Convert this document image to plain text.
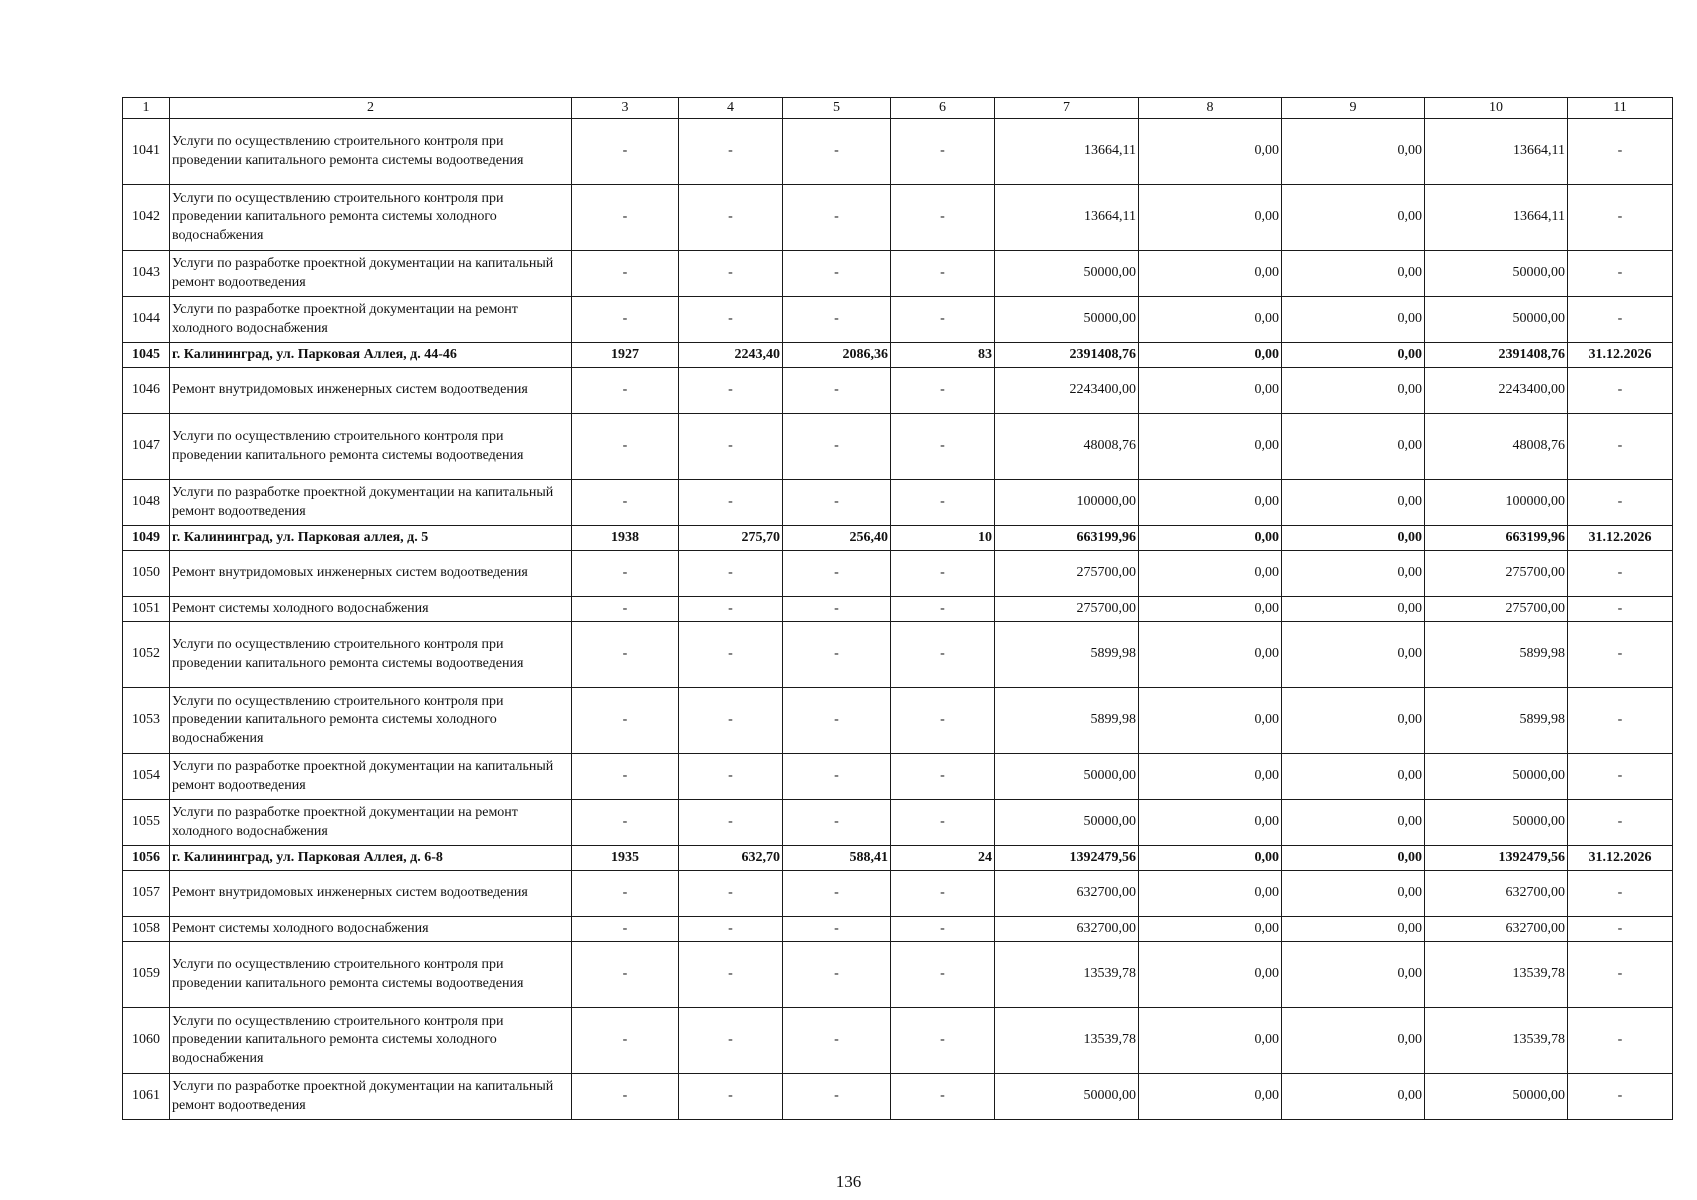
1	2	3	4	5	6	7	8	9	10	11
1041	Услуги по осуществлению строительного контроля при проведении капитального ремонта системы водоотведения	-	-	-	-	13664,11	0,00	0,00	13664,11	-
1042	Услуги по осуществлению строительного контроля при проведении капитального ремонта системы холодного водоснабжения	-	-	-	-	13664,11	0,00	0,00	13664,11	-
1043	Услуги по разработке проектной документации на капитальный ремонт водоотведения	-	-	-	-	50000,00	0,00	0,00	50000,00	-
1044	Услуги по разработке проектной документации на ремонт холодного водоснабжения	-	-	-	-	50000,00	0,00	0,00	50000,00	-
1045	г. Калининград, ул. Парковая Аллея, д. 44-46	1927	2243,40	2086,36	83	2391408,76	0,00	0,00	2391408,76	31.12.2026
1046	Ремонт внутридомовых инженерных систем водоотведения	-	-	-	-	2243400,00	0,00	0,00	2243400,00	-
1047	Услуги по осуществлению строительного контроля при проведении капитального ремонта системы водоотведения	-	-	-	-	48008,76	0,00	0,00	48008,76	-
1048	Услуги по разработке проектной документации на капитальный ремонт водоотведения	-	-	-	-	100000,00	0,00	0,00	100000,00	-
1049	г. Калининград, ул. Парковая аллея, д. 5	1938	275,70	256,40	10	663199,96	0,00	0,00	663199,96	31.12.2026
1050	Ремонт внутридомовых инженерных систем водоотведения	-	-	-	-	275700,00	0,00	0,00	275700,00	-
1051	Ремонт системы холодного водоснабжения	-	-	-	-	275700,00	0,00	0,00	275700,00	-
1052	Услуги по осуществлению строительного контроля при проведении капитального ремонта системы водоотведения	-	-	-	-	5899,98	0,00	0,00	5899,98	-
1053	Услуги по осуществлению строительного контроля при проведении капитального ремонта системы холодного водоснабжения	-	-	-	-	5899,98	0,00	0,00	5899,98	-
1054	Услуги по разработке проектной документации на капитальный ремонт водоотведения	-	-	-	-	50000,00	0,00	0,00	50000,00	-
1055	Услуги по разработке проектной документации на ремонт холодного водоснабжения	-	-	-	-	50000,00	0,00	0,00	50000,00	-
1056	г. Калининград, ул. Парковая Аллея, д. 6-8	1935	632,70	588,41	24	1392479,56	0,00	0,00	1392479,56	31.12.2026
1057	Ремонт внутридомовых инженерных систем водоотведения	-	-	-	-	632700,00	0,00	0,00	632700,00	-
1058	Ремонт системы холодного водоснабжения	-	-	-	-	632700,00	0,00	0,00	632700,00	-
1059	Услуги по осуществлению строительного контроля при проведении капитального ремонта системы водоотведения	-	-	-	-	13539,78	0,00	0,00	13539,78	-
1060	Услуги по осуществлению строительного контроля при проведении капитального ремонта системы холодного водоснабжения	-	-	-	-	13539,78	0,00	0,00	13539,78	-
1061	Услуги по разработке проектной документации на капитальный ремонт водоотведения	-	-	-	-	50000,00	0,00	0,00	50000,00	-
136
